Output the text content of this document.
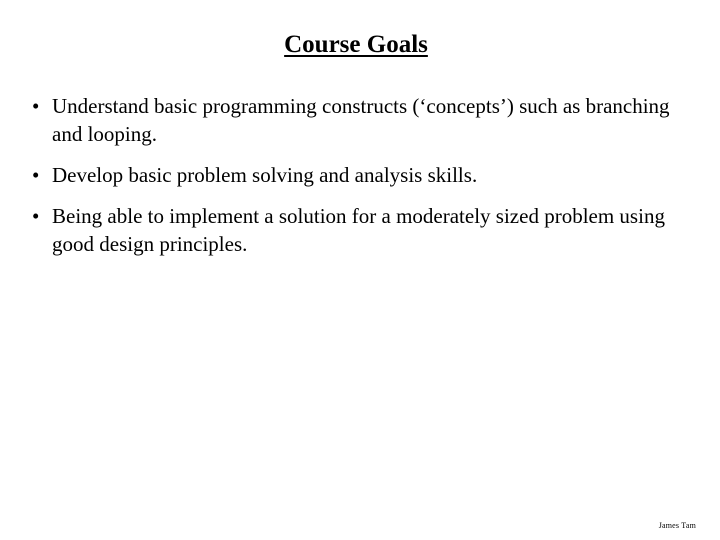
Course Goals
• Understand basic programming constructs (‘concepts’) such as branching and looping.
• Develop basic problem solving and analysis skills.
• Being able to implement a solution for a moderately sized problem using good design principles.
James Tam
